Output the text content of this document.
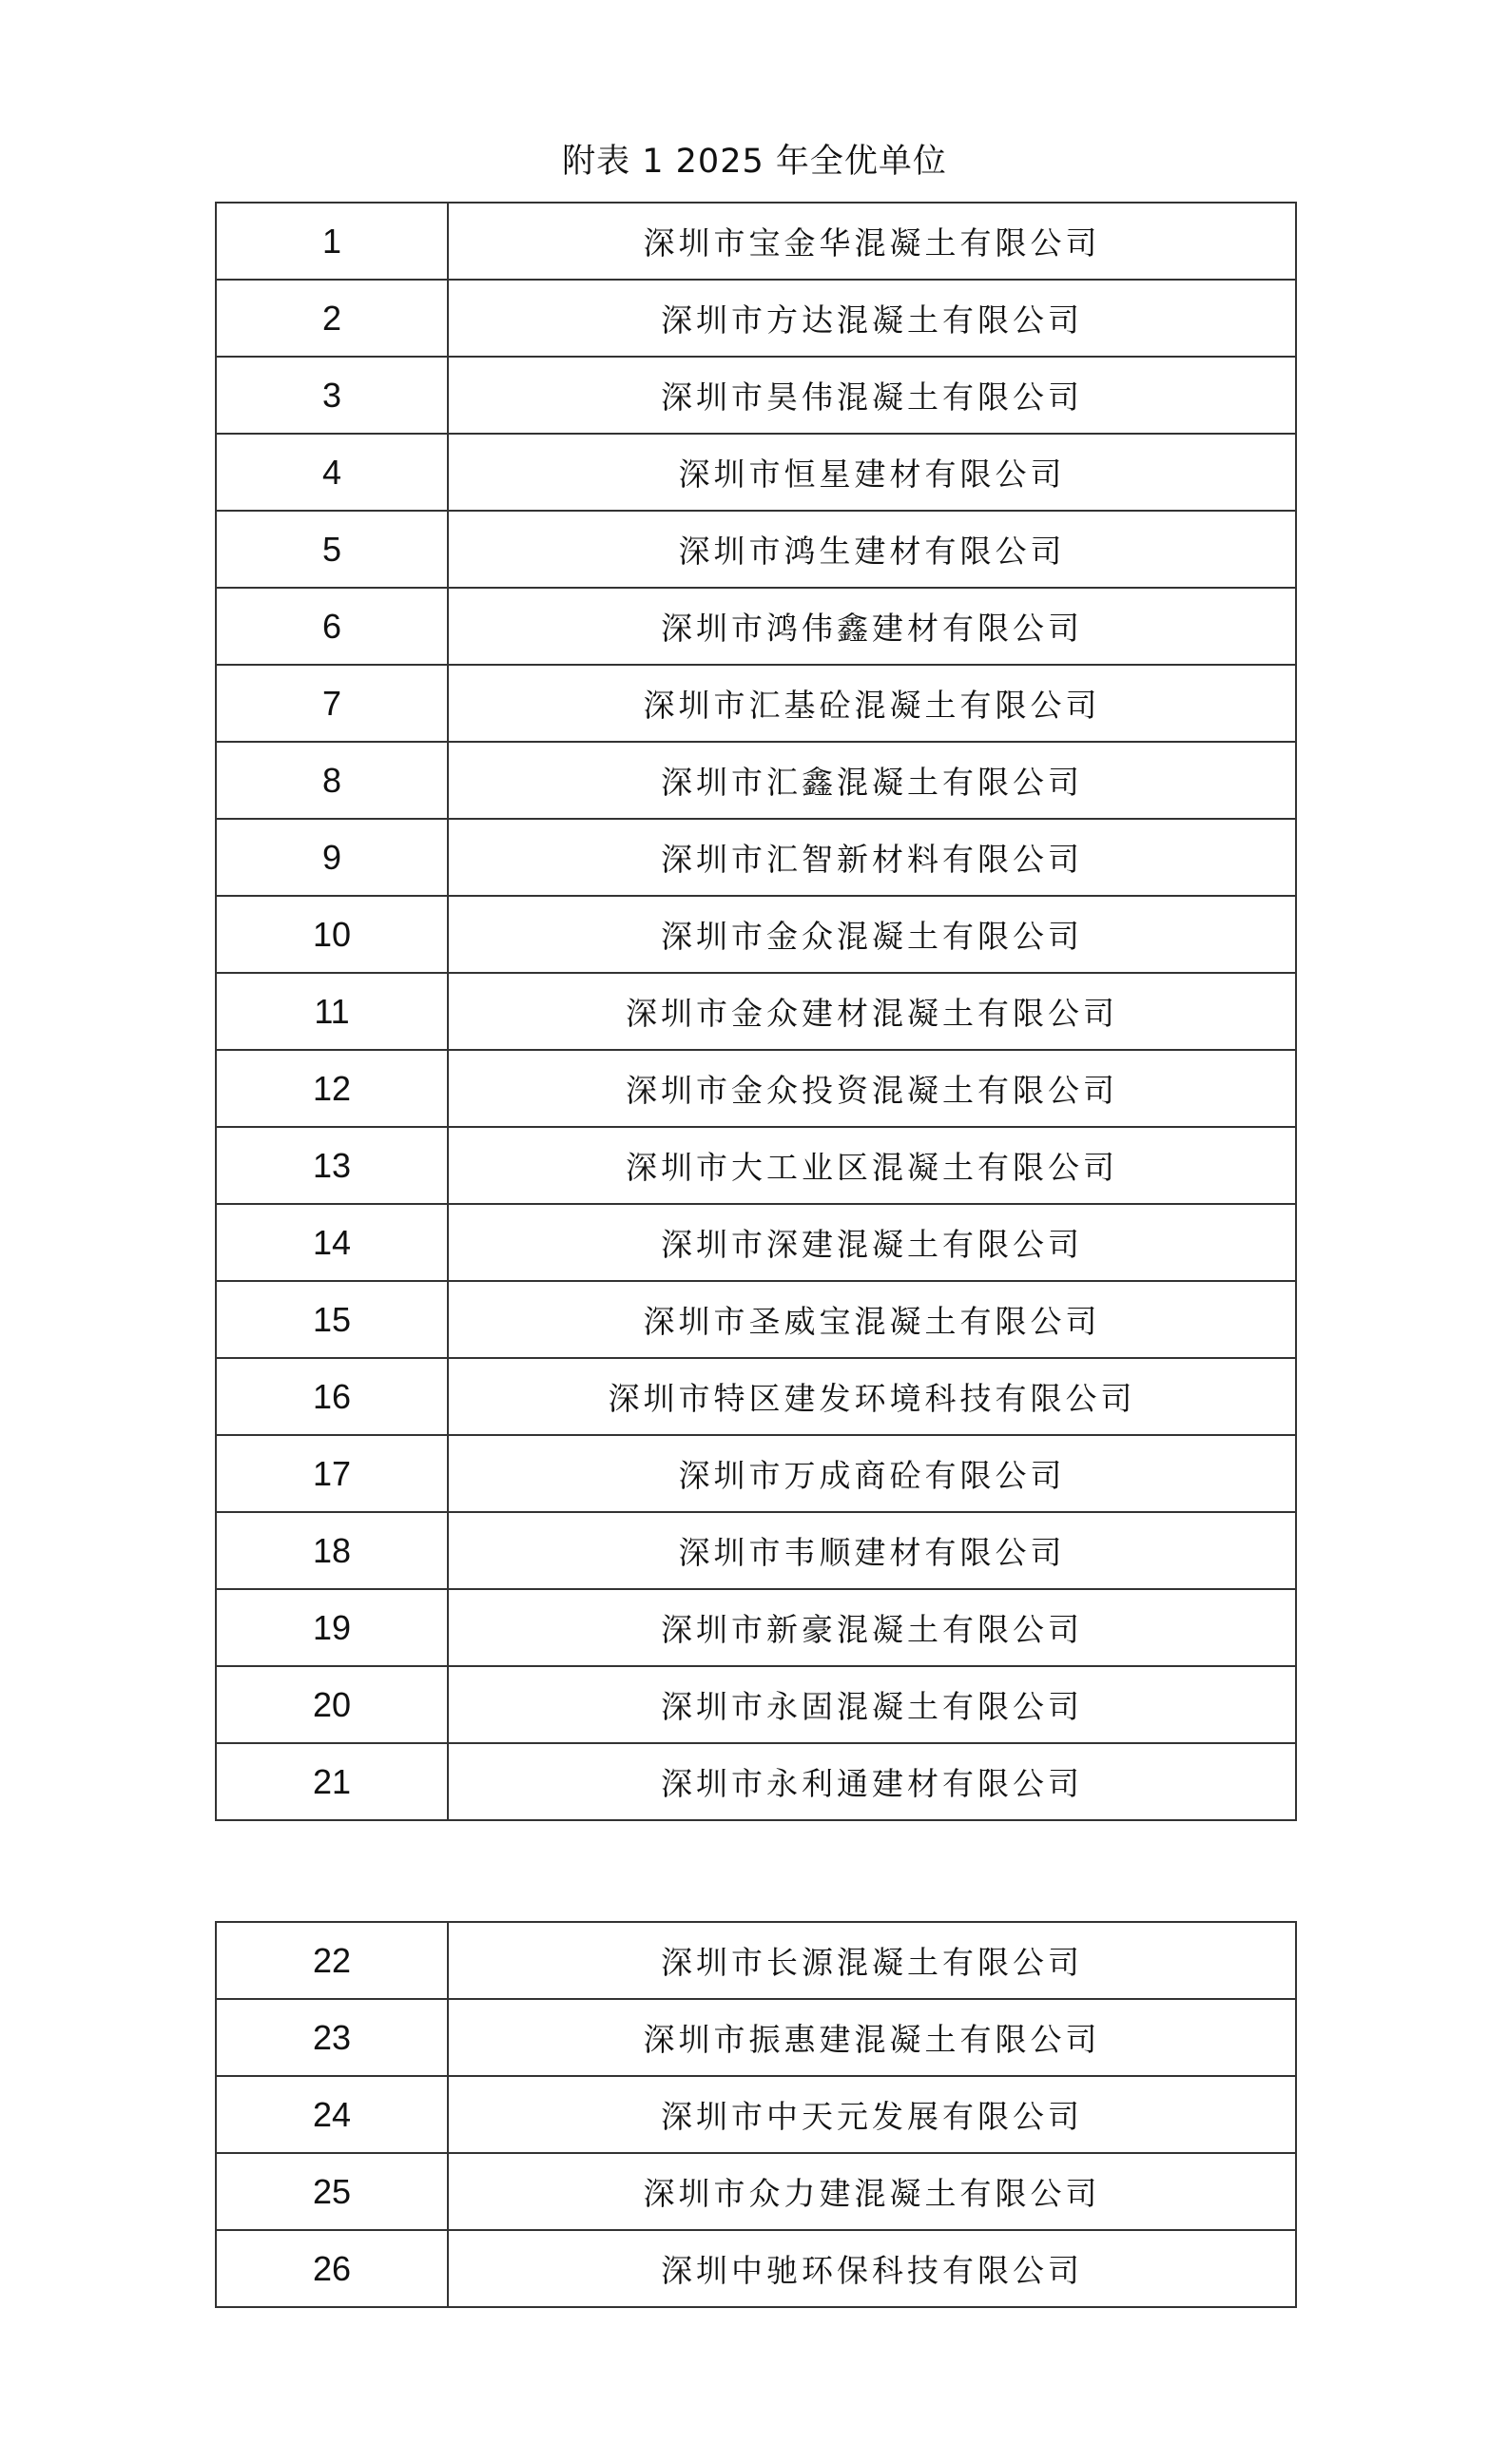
附表 1 2025 年全优单位
1	深圳市宝金华混凝土有限公司
2	深圳市方达混凝土有限公司
3	深圳市昊伟混凝土有限公司
4	深圳市恒星建材有限公司
5	深圳市鸿生建材有限公司
6	深圳市鸿伟鑫建材有限公司
7	深圳市汇基砼混凝土有限公司
8	深圳市汇鑫混凝土有限公司
9	深圳市汇智新材料有限公司
10	深圳市金众混凝土有限公司
11	深圳市金众建材混凝土有限公司
12	深圳市金众投资混凝土有限公司
13	深圳市大工业区混凝土有限公司
14	深圳市深建混凝土有限公司
15	深圳市圣威宝混凝土有限公司
16	深圳市特区建发环境科技有限公司
17	深圳市万成商砼有限公司
18	深圳市韦顺建材有限公司
19	深圳市新豪混凝土有限公司
20	深圳市永固混凝土有限公司
21	深圳市永利通建材有限公司
22	深圳市长源混凝土有限公司
23	深圳市振惠建混凝土有限公司
24	深圳市中天元发展有限公司
25	深圳市众力建混凝土有限公司
26	深圳中驰环保科技有限公司
